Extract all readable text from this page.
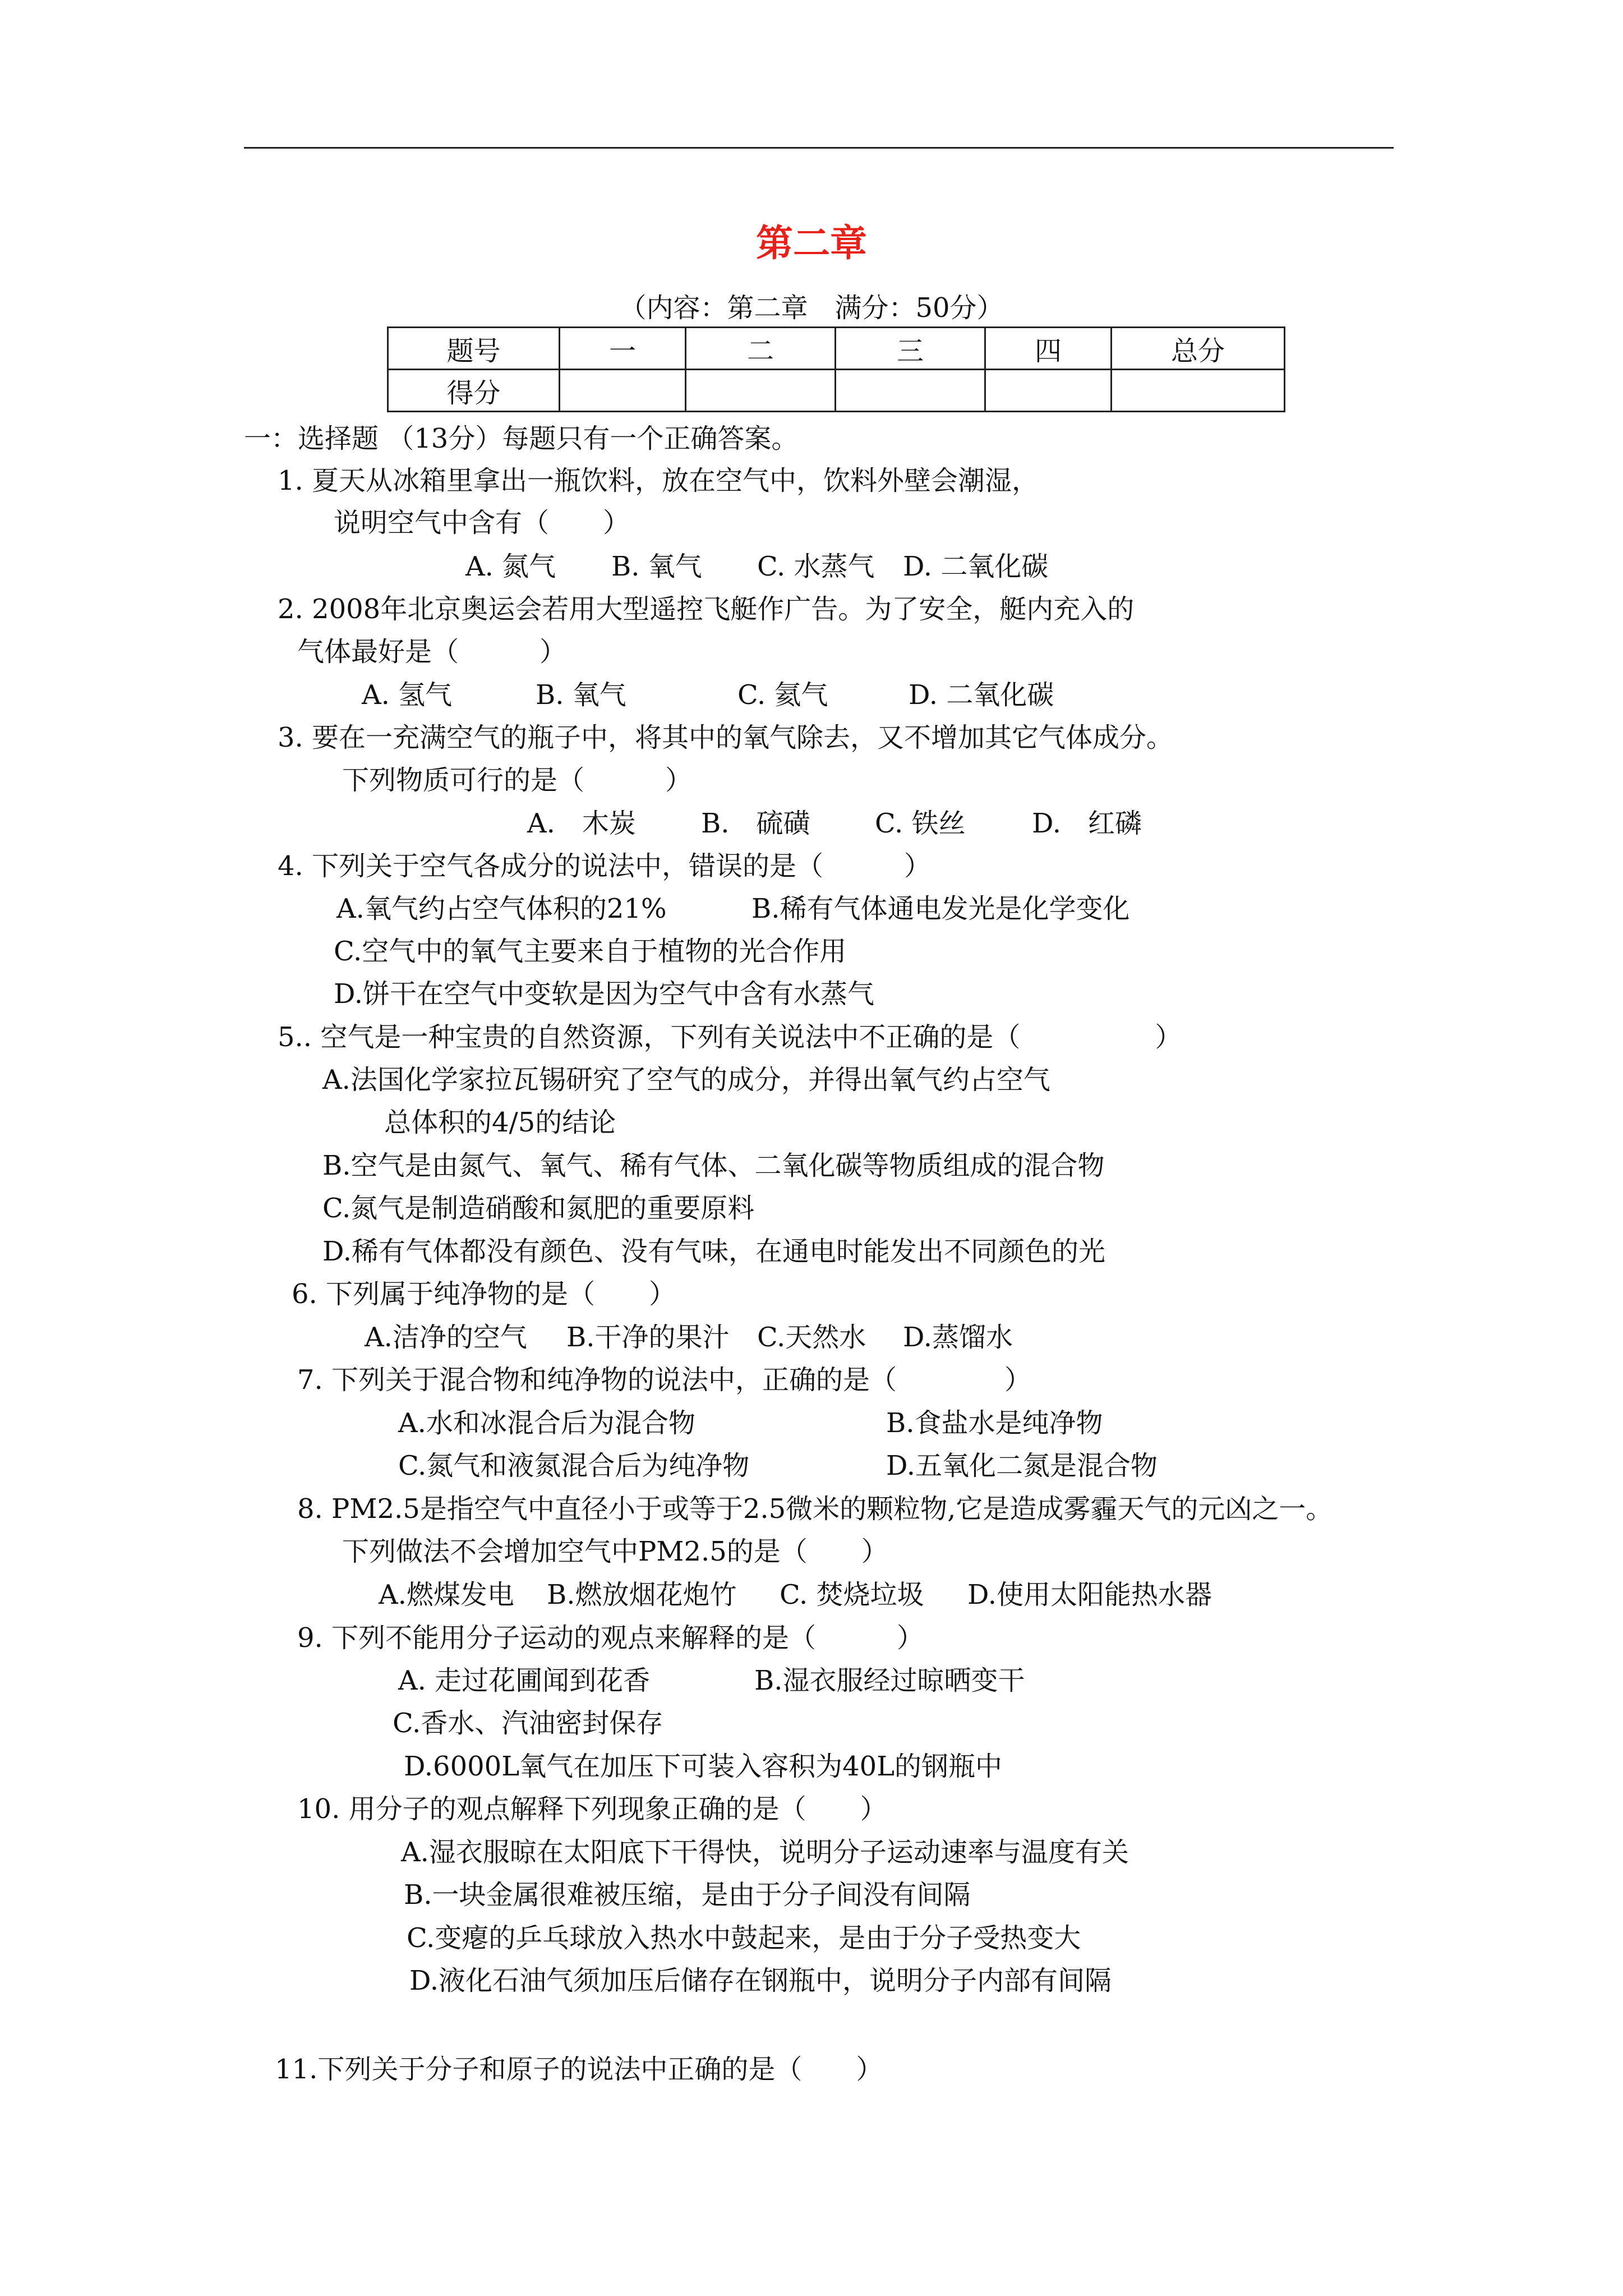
第二章
（内容：第二章　满分：50分）
题号	一	二	三	四	总分
得分					
一：选择题 （13分）每题只有一个正确答案。
1. 夏天从冰箱里拿出一瓶饮料，放在空气中，饮料外壁会潮湿，
说明空气中含有（　　）
A. 氮气 B. 氧气 C. 水蒸气 D. 二氧化碳
2. 2008年北京奥运会若用大型遥控飞艇作广告。为了安全，艇内充入的
气体最好是（　　　）
A. 氢气	B. 氧气	C. 氦气	D. 二氧化碳
3. 要在一充满空气的瓶子中，将其中的氧气除去，又不增加其它气体成分。
下列物质可行的是（　　　）
A.　木炭 B.　硫磺 C. 铁丝 D.　红磷
4. 下列关于空气各成分的说法中，错误的是（　　　）
A.氧气约占空气体积的21%	B.稀有气体通电发光是化学变化
C.空气中的氧气主要来自于植物的光合作用
D.饼干在空气中变软是因为空气中含有水蒸气
5.. 空气是一种宝贵的自然资源，下列有关说法中不正确的是（　　　　　）
A.法国化学家拉瓦锡研究了空气的成分，并得出氧气约占空气
总体积的4/5的结论
B.空气是由氮气、氧气、稀有气体、二氧化碳等物质组成的混合物
C.氮气是制造硝酸和氮肥的重要原料
D.稀有气体都没有颜色、没有气味，在通电时能发出不同颜色的光
6. 下列属于纯净物的是（　　）
A.洁净的空气 B.干净的果汁 C.天然水 D.蒸馏水
7. 下列关于混合物和纯净物的说法中，正确的是（　　　　）
A.水和冰混合后为混合物	B.食盐水是纯净物
C.氮气和液氮混合后为纯净物	D.五氧化二氮是混合物
8. PM2.5是指空气中直径小于或等于2.5微米的颗粒物,它是造成雾霾天气的元凶之一。
下列做法不会增加空气中PM2.5的是（　　）
A.燃煤发电 B.燃放烟花炮竹 C. 焚烧垃圾 D.使用太阳能热水器
9. 下列不能用分子运动的观点来解释的是（　　　）
A. 走过花圃闻到花香	B.湿衣服经过晾晒变干
C.香水、汽油密封保存
D.6000L氧气在加压下可装入容积为40L的钢瓶中
10. 用分子的观点解释下列现象正确的是（　　）
A.湿衣服晾在太阳底下干得快，说明分子运动速率与温度有关
B.一块金属很难被压缩，是由于分子间没有间隔
C.变瘪的乒乓球放入热水中鼓起来，是由于分子受热变大
D.液化石油气须加压后储存在钢瓶中，说明分子内部有间隔
11.下列关于分子和原子的说法中正确的是（　　）
